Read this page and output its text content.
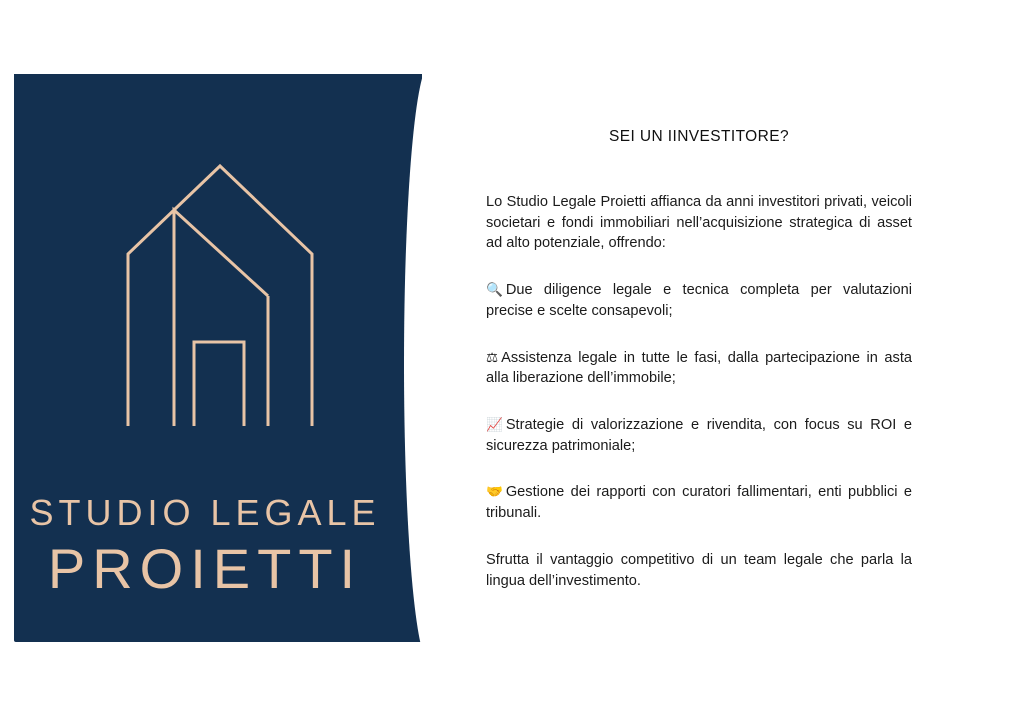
STUDIO LEGALE
PROIETTI
SEI UN IINVESTITORE?

Lo Studio Legale Proietti affianca da anni investitori privati, veicoli societari e fondi immobiliari nell’acquisizione strategica di asset ad alto potenziale, offrendo:

🔍 Due diligence legale e tecnica completa per valutazioni precise e scelte consapevoli;

⚖ Assistenza legale in tutte le fasi, dalla partecipazione in asta alla liberazione dell’immobile;

📈 Strategie di valorizzazione e rivendita, con focus su ROI e sicurezza patrimoniale;

🤝 Gestione dei rapporti con curatori fallimentari, enti pubblici e tribunali.

Sfrutta il vantaggio competitivo di un team legale che parla la lingua dell’investimento.
